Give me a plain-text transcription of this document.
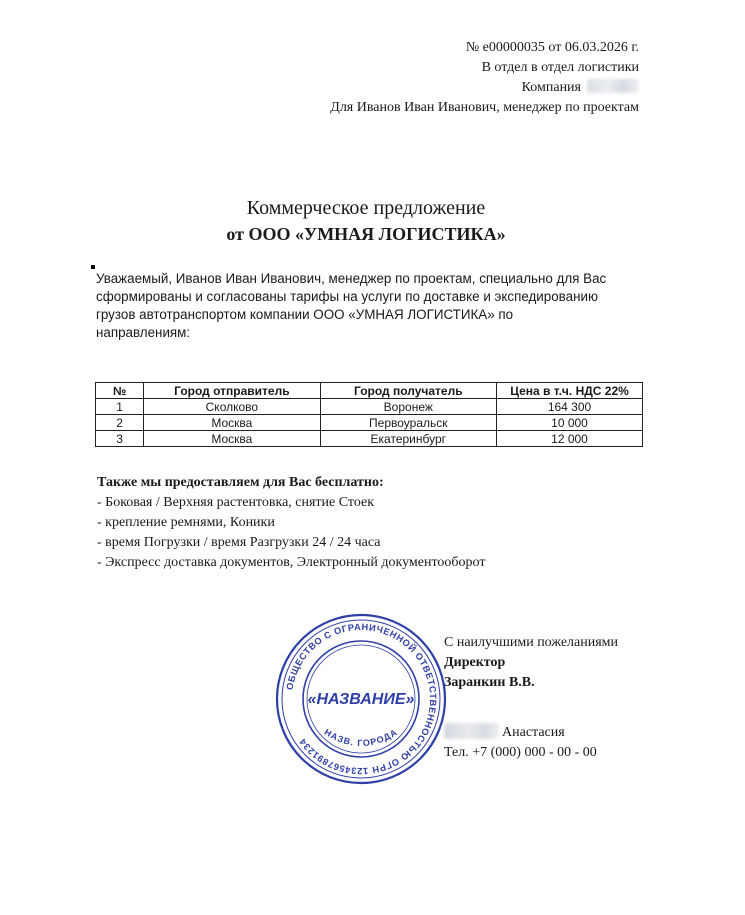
№ е00000035 от 06.03.2026 г.
В отдел в отдел логистики
Компания
Для Иванов Иван Иванович, менеджер по проектам
Коммерческое предложение
от ООО «УМНАЯ ЛОГИСТИКА»
Уважаемый, Иванов Иван Иванович, менеджер по проектам, специально для Вас
сформированы и согласованы тарифы на услуги по доставке и экспедированию
грузов автотранспортом компании ООО «УМНАЯ ЛОГИСТИКА» по
направлениям:
№	Город отправитель	Город получатель	Цена в т.ч. НДС 22%
1	Сколково	Воронеж	164 300
2	Москва	Первоуральск	10 000
3	Москва	Екатеринбург	12 000
Также мы предоставляем для Вас бесплатно:
- Боковая / Верхняя растентовка, снятие Стоек
- крепление ремнями, Коники
- время Погрузки / время Разгрузки 24 / 24 часа
- Экспресс доставка документов, Электронный документооборот
ОБЩЕСТВО С ОГРАНИЧЕННОЙ ОТВЕТСТВЕННОСТЬЮ ОГРН 1234567891234
«НАЗВАНИЕ»
НАЗВ. ГОРОДА
С наилучшими пожеланиями
Директор
Заранкин В.В.
Анастасия
Тел. +7 (000) 000 - 00 - 00
